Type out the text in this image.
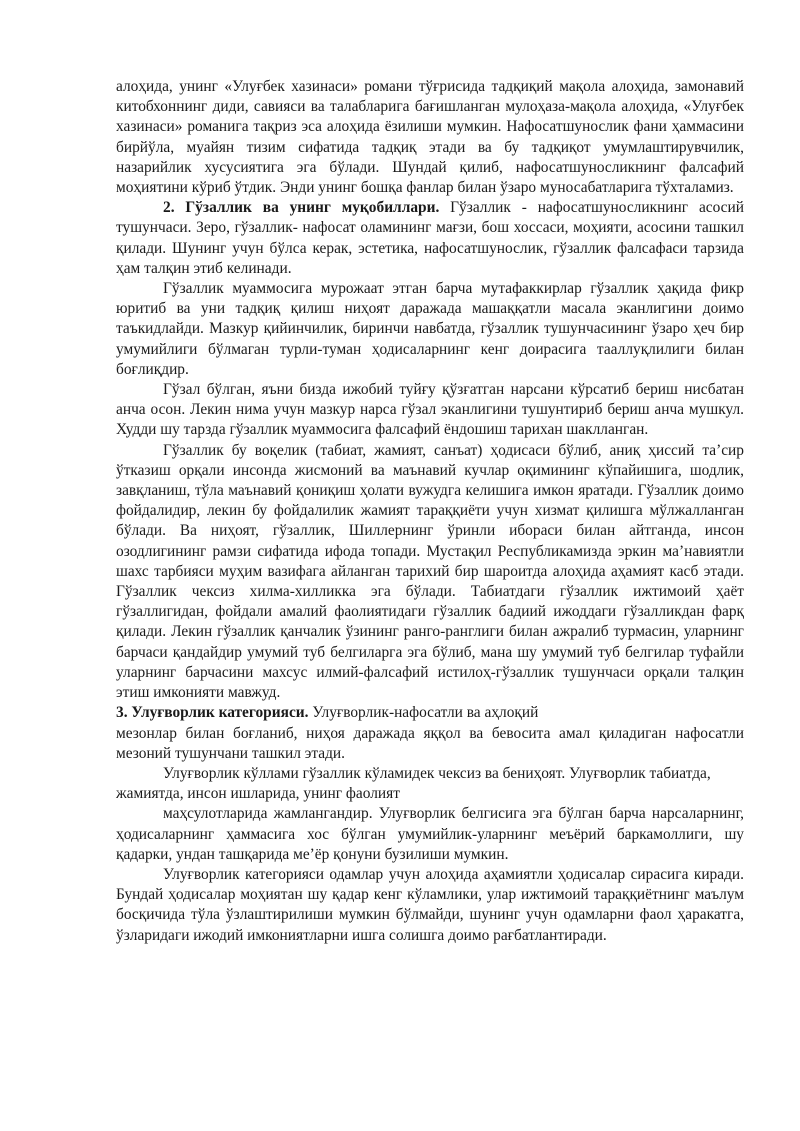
алоҳида, унинг «Улуғбек хазинаси» романи тўғрисида тадқиқий мақола алоҳида, замонавий китобхоннинг диди, савияси ва талабларига бағишланган мулоҳаза-мақола алоҳида, «Улуғбек хазинаси» романига тақриз эса алоҳида ёзилиши мумкин. Нафосатшунослик фани ҳаммасини бирйўла, муайян тизим сифатида тадқиқ этади ва бу тадқиқот умумлаштирувчилик, назарийлик хусусиятига эга бўлади. Шундай қилиб, нафосатшуносликнинг фалсафий моҳиятини кўриб ўтдик. Энди унинг бошқа фанлар билан ўзаро муносабатларига тўхталамиз.

2. Гўзаллик ва унинг муқобиллари. Гўзаллик - нафосатшуносликнинг асосий тушунчаси. Зеро, гўзаллик- нафосат оламининг мағзи, бош хоссаси, моҳияти, асосини ташкил қилади. Шунинг учун бўлса керак, эстетика, нафосатшунослик, гўзаллик фалсафаси тарзида ҳам талқин этиб келинади.

Гўзаллик муаммосига мурожаат этган барча мутафаккирлар гўзаллик ҳақида фикр юритиб ва уни тадқиқ қилиш ниҳоят даражада машаққатли масала эканлигини доимо таъкидлайди. Мазкур қийинчилик, биринчи навбатда, гўзаллик тушунчасининг ўзаро ҳеч бир умумийлиги бўлмаган турли-туман ҳодисаларнинг кенг доирасига тааллуқлилиги билан боғлиқдир.

Гўзал бўлган, яъни бизда ижобий туйғу қўзғатган нарсани кўрсатиб бериш нисбатан анча осон. Лекин нима учун мазкур нарса гўзал эканлигини тушунтириб бериш анча мушкул. Худди шу тарзда гўзаллик муаммосига фалсафий ёндошиш тарихан шаклланган.

Гўзаллик бу воқелик (табиат, жамият, санъат) ҳодисаси бўлиб, аниқ ҳиссий та’сир ўтказиш орқали инсонда жисмоний ва маънавий кучлар оқимининг кўпайишига, шодлик, завқланиш, тўла маънавий қониқиш ҳолати вужудга келишига имкон яратади. Гўзаллик доимо фойдалидир, лекин бу фойдалилик жамият тараққиёти учун хизмат қилишга мўлжалланган бўлади. Ва ниҳоят, гўзаллик, Шиллернинг ўринли ибораси билан айтганда, инсон озодлигининг рамзи сифатида ифода топади. Мустақил Республикамизда эркин ма’навиятли шахс тарбияси муҳим вазифага айланган тарихий бир шароитда алоҳида аҳамият касб этади. Гўзаллик чексиз хилма-хилликка эга бўлади. Табиатдаги гўзаллик ижтимоий ҳаёт гўзаллигидан, фойдали амалий фаолиятидаги гўзаллик бадиий ижоддаги гўзалликдан фарқ қилади. Лекин гўзаллик қанчалик ўзининг ранго-ранглиги билан ажралиб турмасин, уларнинг барчаси қандайдир умумий туб белгиларга эга бўлиб, мана шу умумий туб белгилар туфайли уларнинг барчасини махсус илмий-фалсафий истилоҳ-гўзаллик тушунчаси орқали талқин этиш имконияти мавжуд.

3. Улуғворлик категорияси. Улуғворлик-нафосатли ва аҳлоқий

мезонлар билан боғланиб, ниҳоя даражада яққол ва бевосита амал қиладиган нафосатли мезоний тушунчани ташкил этади.

Улуғворлик кўллами гўзаллик кўламидек чексиз ва бениҳоят. Улуғворлик табиатда, жамиятда, инсон ишларида, унинг фаолият

маҳсулотларида жамлангандир. Улуғворлик белгисига эга бўлган барча нарсаларнинг, ҳодисаларнинг ҳаммасига хос бўлган умумийлик-уларнинг меъёрий баркамоллиги, шу қадарки, ундан ташқарида ме’ёр қонуни бузилиши мумкин.

Улуғворлик категорияси одамлар учун алоҳида аҳамиятли ҳодисалар сирасига киради. Бундай ҳодисалар моҳиятан шу қадар кенг кўламлики, улар ижтимоий тараққиётнинг маълум босқичида тўла ўзлаштирилиши мумкин бўлмайди, шунинг учун одамларни фаол ҳаракатга, ўзларидаги ижодий имкониятларни ишга солишга доимо рағбатлантиради.
